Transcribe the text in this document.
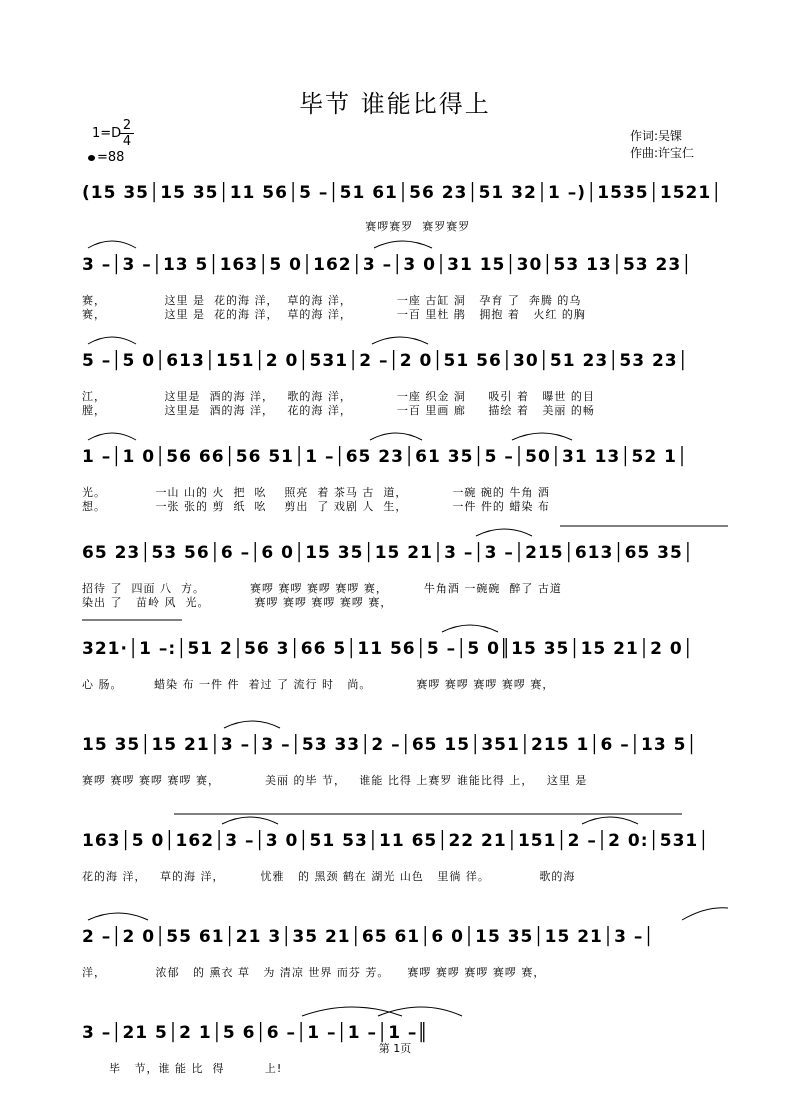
毕节 谁能比得上
1=D
2
4
=88
作词:吴锞
作曲:许宝仁
(15 35│15 35│11 56│5 –│51 61│56 23│51 32│1 –)│1535│1521│
赛啰赛罗  赛罗赛罗
3 –│3 –│13 5│163│5 0│162│3 –│3 0│31 15│30│53 13│53 23│
赛，             这里 是  花的海 洋，  草的海 洋，          一座 古缸 洞   孕育 了  奔腾 的乌
赛，             这里 是  花的海 洋，  草的海 洋，          一百 里杜 鹃   拥抱 着   火红 的胸
5 –│5 0│613│151│2 0│531│2 –│2 0│51 56│30│51 23│53 23│
江，             这里是  酒的海 洋，   歌的海 洋，          一座 织金 洞     吸引 着   曝世 的目
膛，             这里是  酒的海 洋，   花的海 洋，          一百 里画 廊     描绘 着   美丽 的畅
1 –│1 0│56 66│56 51│1 –│65 23│61 35│5 –│50│31 13│52 1│
光。           一山 山的 火  把  吆    照亮  着 茶马 古  道，          一碗 碗的 牛角 酒
想。           一张 张的 剪  纸  吆    剪出  了 戏剧 人  生，          一件 件的 蜡染 布
65 23│53 56│6 –│6 0│15 35│15 21│3 –│3 –│215│613│65 35│
招待 了  四面 八  方。          赛啰 赛啰 赛啰 赛啰 赛，        牛角酒 一碗碗  醉了 古道
染出 了   苗岭 风  光。          赛啰 赛啰 赛啰 赛啰 赛，
321·│1 –:│51 2│56 3│66 5│11 56│5 –│5 0║15 35│15 21│2 0│
心 肠。       蜡染 布 一件 件  着过 了 流行 时   尚。          赛啰 赛啰 赛啰 赛啰 赛，
15 35│15 21│3 –│3 –│53 33│2 –│65 15│351│215 1│6 –│13 5│
赛啰 赛啰 赛啰 赛啰 赛，          美丽 的毕 节，   谁能 比得 上赛罗 谁能比得 上，   这里 是
163│5 0│162│3 –│3 0│51 53│11 65│22 21│151│2 –│2 0:│531│
花的海 洋，   草的海 洋，        忧雅   的 黑颈 鹤在 湖光 山色   里徜 徉。           歌的海
2 –│2 0│55 61│21 3│35 21│65 61│6 0│15 35│15 21│3 –│
洋，           浓郁   的 熏衣 草   为 清凉 世界 而芬 芳。    赛啰 赛啰 赛啰 赛啰 赛，
3 –│21 5│2 1│5 6│6 –│1 –│1 –│1 –║
毕   节，谁 能 比  得         上!
第 1页
